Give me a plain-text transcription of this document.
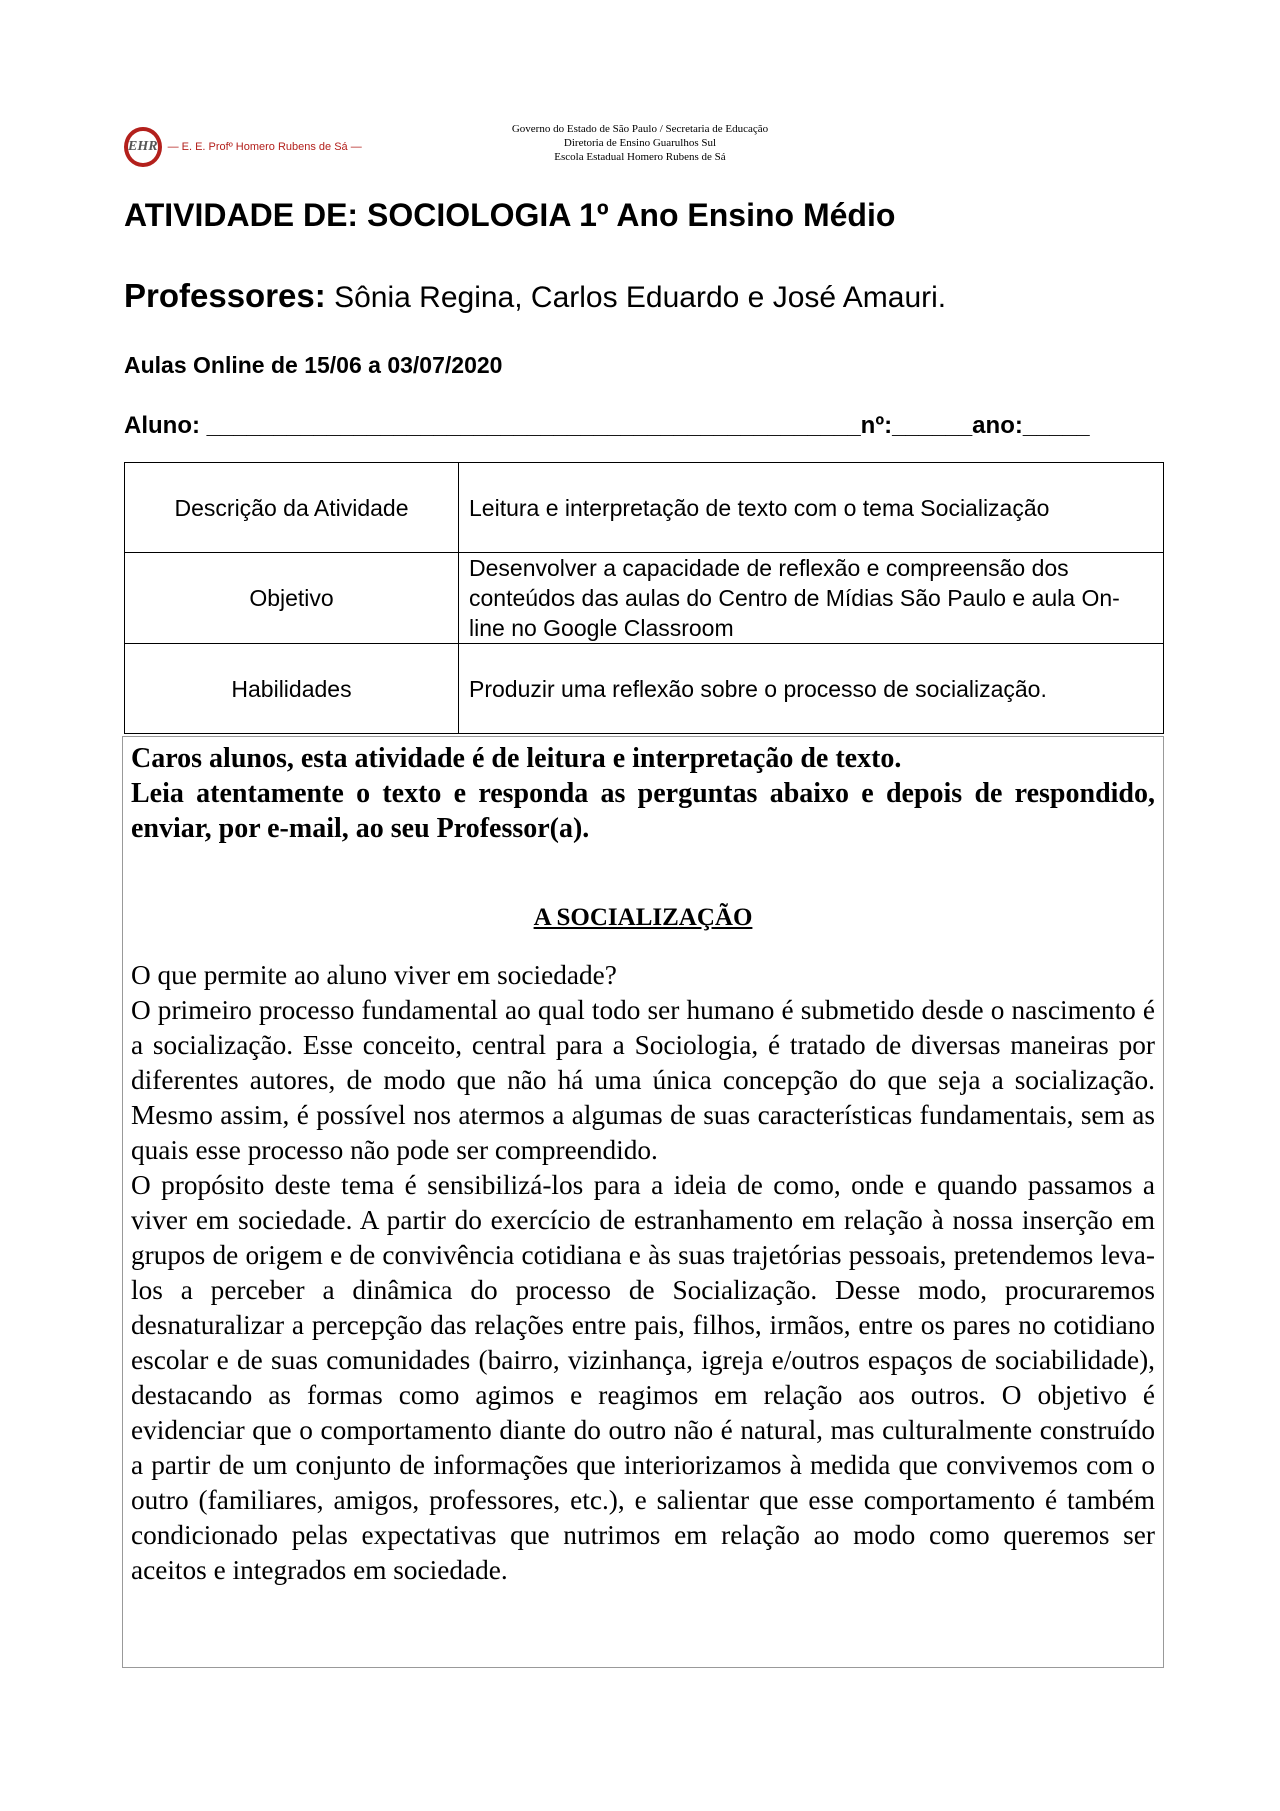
EHR — E. E. Profº Homero Rubens de Sá —
Governo do Estado de São Paulo / Secretaria de Educação
Diretoria de Ensino Guarulhos Sul
Escola Estadual Homero Rubens de Sá
ATIVIDADE DE: SOCIOLOGIA 1º Ano Ensino Médio
Professores: Sônia Regina, Carlos Eduardo e José Amauri.
Aulas Online de 15/06 a 03/07/2020
Aluno: _________________________________________________nº:______ano:_____
Descrição da Atividade	Leitura e interpretação de texto com o tema Socialização
Objetivo	Desenvolver a capacidade de reflexão e compreensão dos conteúdos das aulas do Centro de Mídias São Paulo e aula On-line no Google Classroom
Habilidades	Produzir uma reflexão sobre o processo de socialização.

Caros alunos, esta atividade é de leitura e interpretação de texto.
Leia atentamente o texto e responda as perguntas abaixo e depois de respondido, enviar, por e-mail, ao seu Professor(a).

A SOCIALIZAÇÃO

O que permite ao aluno viver em sociedade?

O primeiro processo fundamental ao qual todo ser humano é submetido desde o nascimento é a socialização. Esse conceito, central para a Sociologia, é tratado de diversas maneiras por diferentes autores, de modo que não há uma única concepção do que seja a socialização. Mesmo assim, é possível nos atermos a algumas de suas características fundamentais, sem as quais esse processo não pode ser compreendido.

O propósito deste tema é sensibilizá-los para a ideia de como, onde e quando passamos a viver em sociedade. A partir do exercício de estranhamento em relação à nossa inserção em grupos de origem e de convivência cotidiana e às suas trajetórias pessoais, pretendemos leva-los a perceber a dinâmica do processo de Socialização. Desse modo, procuraremos desnaturalizar a percepção das relações entre pais, filhos, irmãos, entre os pares no cotidiano escolar e de suas comunidades (bairro, vizinhança, igreja e/outros espaços de sociabilidade), destacando as formas como agimos e reagimos em relação aos outros. O objetivo é evidenciar que o comportamento diante do outro não é natural, mas culturalmente construído a partir de um conjunto de informações que interiorizamos à medida que convivemos com o outro (familiares, amigos, professores, etc.), e salientar que esse comportamento é também condicionado pelas expectativas que nutrimos em relação ao modo como queremos ser aceitos e integrados em sociedade.
